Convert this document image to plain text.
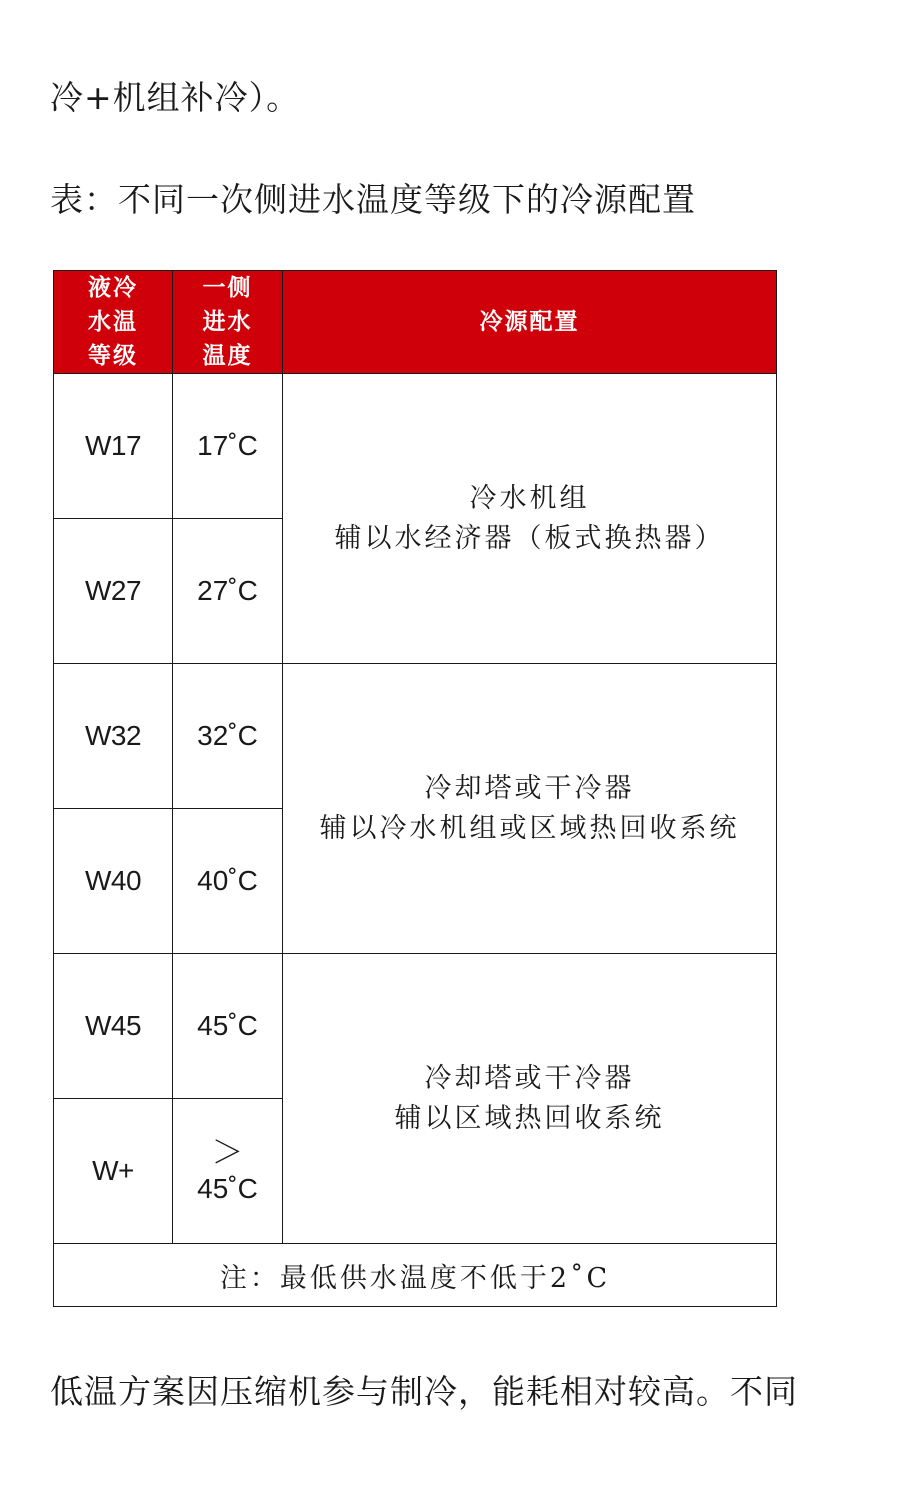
冷+机组补冷）。
表：不同一次侧进水温度等级下的冷源配置
液冷
水温
等级	一侧
进水
温度	冷源配置
W17	17˚C	冷水机组
辅以水经济器（板式换热器）

W27	27˚C	
W32	32˚C	冷却塔或干冷器
辅以冷水机组或区域热回收系统

W40	40˚C	
W45	45˚C	冷却塔或干冷器
辅以区域热回收系统

W+	＞
45˚C	
注：最低供水温度不低于2˚C		
低温方案因压缩机参与制冷，能耗相对较高。不同
